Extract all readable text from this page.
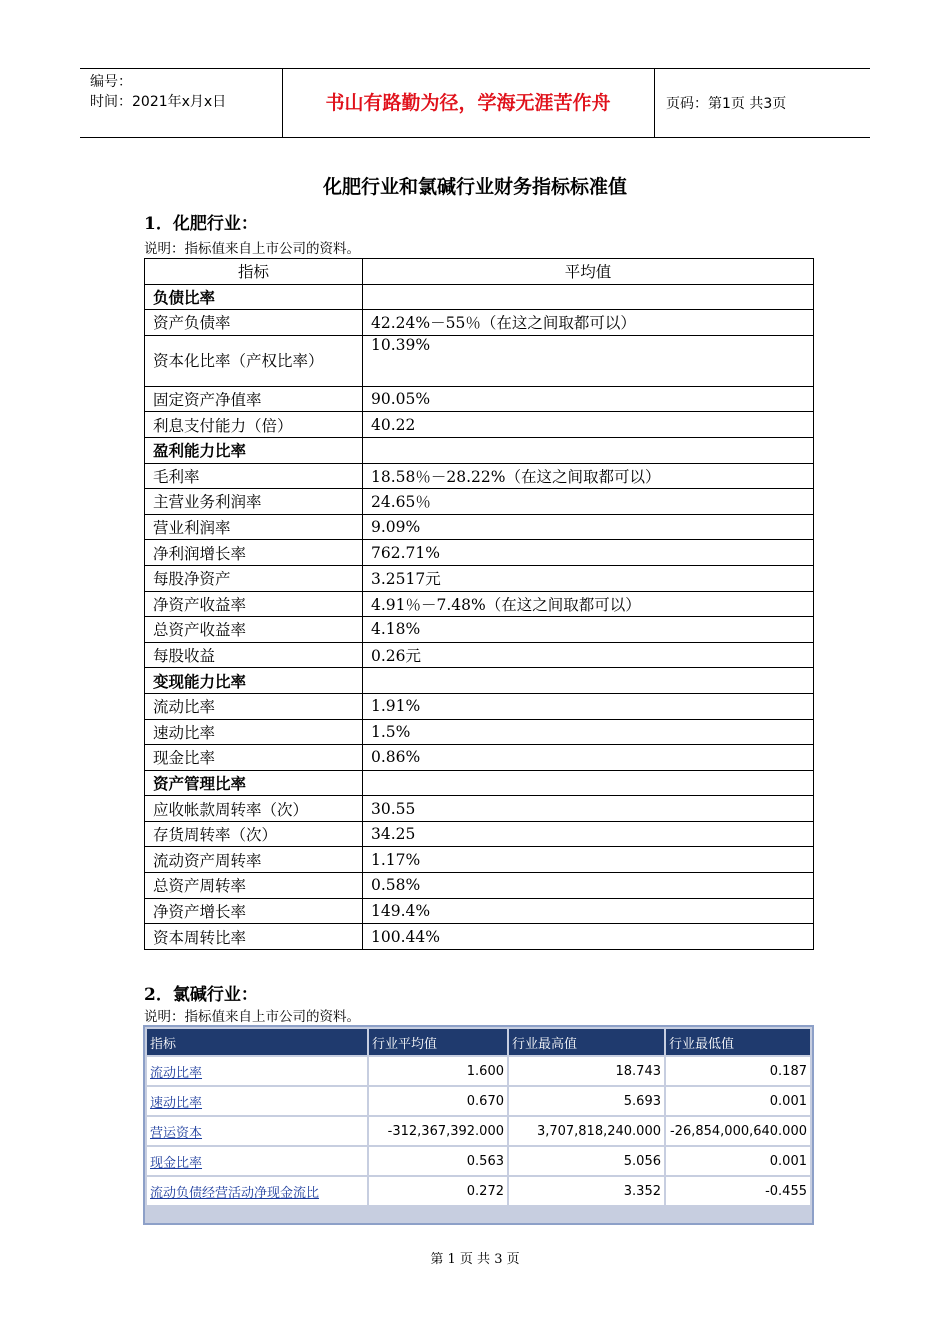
编号：
时间：2021年x月x日	书山有路勤为径，学海无涯苦作舟	页码：第1页 共3页
化肥行业和氯碱行业财务指标标准值
1．化肥行业：
说明：指标值来自上市公司的资料。
指标	平均值
负债比率	
资产负债率	42.24%－55％（在这之间取都可以）
资本化比率（产权比率）	10.39%
固定资产净值率	90.05%
利息支付能力（倍）	40.22
盈利能力比率	
毛利率	18.58％－28.22%（在这之间取都可以）
主营业务利润率	24.65％
营业利润率	9.09%
净利润增长率	762.71%
每股净资产	3.2517元
净资产收益率	4.91％－7.48%（在这之间取都可以）
总资产收益率	4.18%
每股收益	0.26元
变现能力比率	
流动比率	1.91%
速动比率	1.5%
现金比率	0.86%
资产管理比率	
应收帐款周转率（次）	30.55
存货周转率（次）	34.25
流动资产周转率	1.17%
总资产周转率	0.58%
净资产增长率	149.4%
资本周转比率	100.44%
2．氯碱行业：
说明：指标值来自上市公司的资料。
指标	行业平均值	行业最高值	行业最低值
流动比率	1.600	18.743	0.187
速动比率	0.670	5.693	0.001
营运资本	-312,367,392.000	3,707,818,240.000	-26,854,000,640.000
现金比率	0.563	5.056	0.001
流动负债经营活动净现金流比	0.272	3.352	-0.455
第 1 页 共 3 页
